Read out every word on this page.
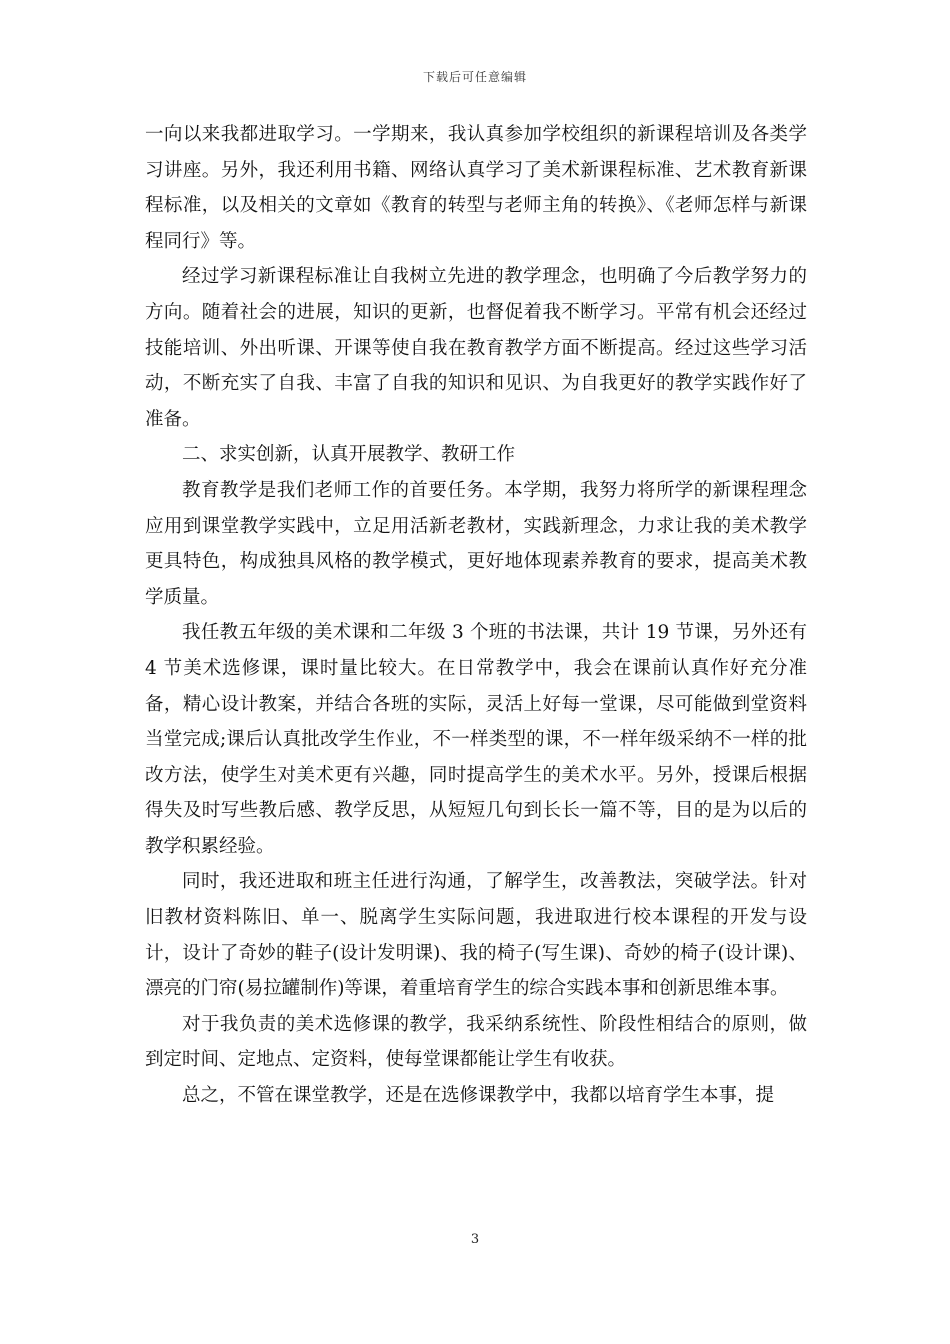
下载后可任意编辑

一向以来我都进取学习。一学期来，我认真参加学校组织的新课程培训及各类学习讲座。另外，我还利用书籍、网络认真学习了美术新课程标准、艺术教育新课程标准，以及相关的文章如《教育的转型与老师主角的转换》、《老师怎样与新课程同行》等。

经过学习新课程标准让自我树立先进的教学理念，也明确了今后教学努力的方向。随着社会的进展，知识的更新，也督促着我不断学习。平常有机会还经过技能培训、外出听课、开课等使自我在教育教学方面不断提高。经过这些学习活动，不断充实了自我、丰富了自我的知识和见识、为自我更好的教学实践作好了准备。

二、求实创新，认真开展教学、教研工作

教育教学是我们老师工作的首要任务。本学期，我努力将所学的新课程理念应用到课堂教学实践中，立足用活新老教材，实践新理念，力求让我的美术教学更具特色，构成独具风格的教学模式，更好地体现素养教育的要求，提高美术教学质量。

我任教五年级的美术课和二年级 3 个班的书法课，共计 19 节课，另外还有 4 节美术选修课，课时量比较大。在日常教学中，我会在课前认真作好充分准备，精心设计教案，并结合各班的实际，灵活上好每一堂课，尽可能做到堂资料当堂完成;课后认真批改学生作业，不一样类型的课，不一样年级采纳不一样的批改方法，使学生对美术更有兴趣，同时提高学生的美术水平。另外，授课后根据得失及时写些教后感、教学反思，从短短几句到长长一篇不等，目的是为以后的教学积累经验。

同时，我还进取和班主任进行沟通，了解学生，改善教法，突破学法。针对旧教材资料陈旧、单一、脱离学生实际问题，我进取进行校本课程的开发与设计，设计了奇妙的鞋子(设计发明课)、我的椅子(写生课)、奇妙的椅子(设计课)、漂亮的门帘(易拉罐制作)等课，着重培育学生的综合实践本事和创新思维本事。

对于我负责的美术选修课的教学，我采纳系统性、阶段性相结合的原则，做到定时间、定地点、定资料，使每堂课都能让学生有收获。

总之，不管在课堂教学，还是在选修课教学中，我都以培育学生本事，提

3
